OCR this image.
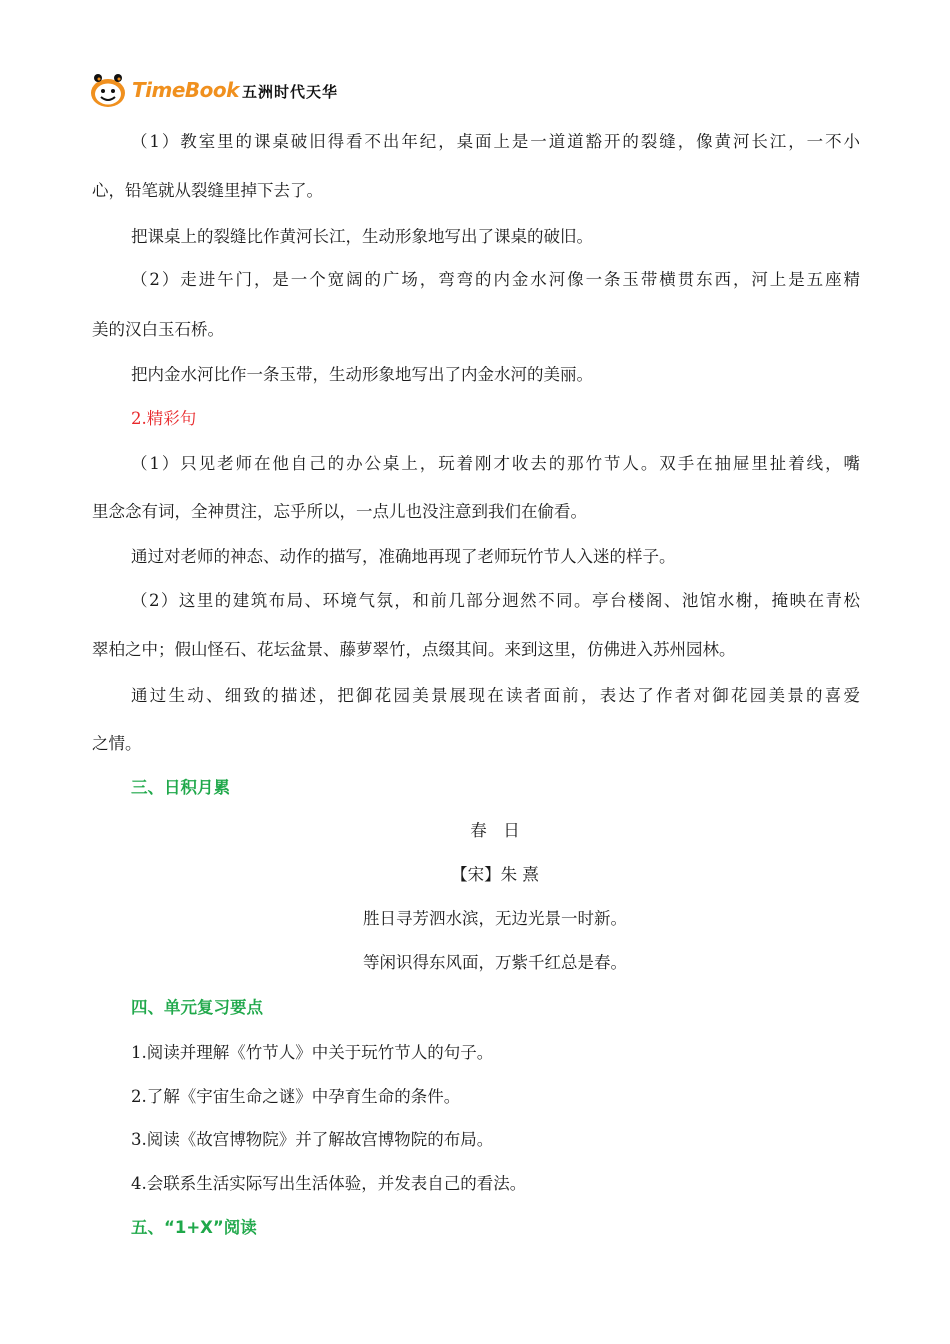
TimeBook 五洲时代天华
（1）教室里的课桌破旧得看不出年纪，桌面上是一道道豁开的裂缝，像黄河长江，一不小
心，铅笔就从裂缝里掉下去了。
把课桌上的裂缝比作黄河长江，生动形象地写出了课桌的破旧。
（2）走进午门，是一个宽阔的广场，弯弯的内金水河像一条玉带横贯东西，河上是五座精
美的汉白玉石桥。
把内金水河比作一条玉带，生动形象地写出了内金水河的美丽。
2.精彩句
（1）只见老师在他自己的办公桌上，玩着刚才收去的那竹节人。双手在抽屉里扯着线，嘴
里念念有词，全神贯注，忘乎所以，一点儿也没注意到我们在偷看。
通过对老师的神态、动作的描写，准确地再现了老师玩竹节人入迷的样子。
（2）这里的建筑布局、环境气氛，和前几部分迥然不同。亭台楼阁、池馆水榭，掩映在青松
翠柏之中；假山怪石、花坛盆景、藤萝翠竹，点缀其间。来到这里，仿佛进入苏州园林。
通过生动、细致的描述，把御花园美景展现在读者面前，表达了作者对御花园美景的喜爱
之情。
三、日积月累
春　日
【宋】朱 熹
胜日寻芳泗水滨，无边光景一时新。
等闲识得东风面，万紫千红总是春。
四、单元复习要点
1.阅读并理解《竹节人》中关于玩竹节人的句子。
2.了解《宇宙生命之谜》中孕育生命的条件。
3.阅读《故宫博物院》并了解故宫博物院的布局。
4.会联系生活实际写出生活体验，并发表自己的看法。
五、“1+X”阅读
